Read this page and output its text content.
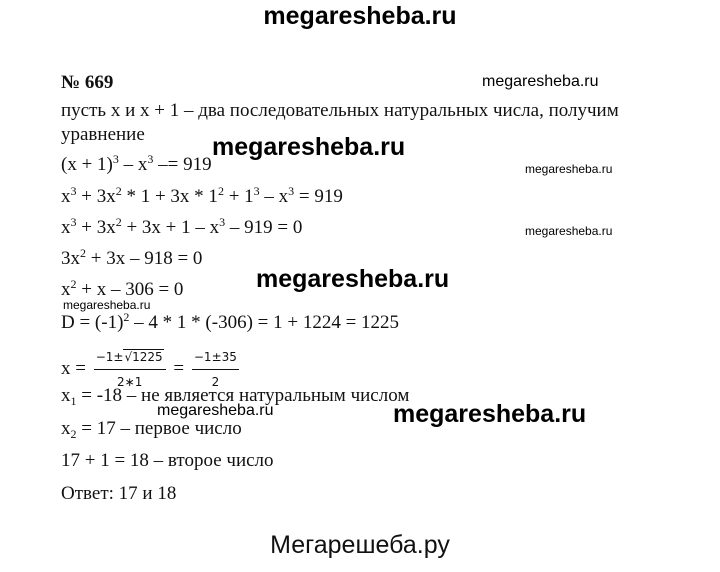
megaresheba.ru
№ 669	megaresheba.ru
пусть x и x + 1 – два последовательных натуральных числа, получим
уравнение	megaresheba.ru
$(x + 1)^3 - x^3 -= 919$	megaresheba.ru
$x^3 + 3x^2 * 1 + 3x * 1^2 + 1^3 - x^3 = 919$
$x^3 + 3x^2 + 3x + 1 - x^3 - 919 = 0$	megaresheba.ru
$3x^2 + 3x - 918 = 0$
megaresheba.ru
$x^2 + x - 306 = 0$
megaresheba.ru
$D = (-1)^2 - 4 * 1 * (-306) = 1 + 1224 = 1225$
$x = \frac{-1\pm√1225}{2∗1} = \frac{-1\pm 35}{2}$
$x_1 = -18$ – не является натуральным числом
megaresheba.ru	megaresheba.ru
$x_2 = 17$ – первое число
17 + 1 = 18 – второе число
Ответ: 17 и 18
Мегарешеба.ру
